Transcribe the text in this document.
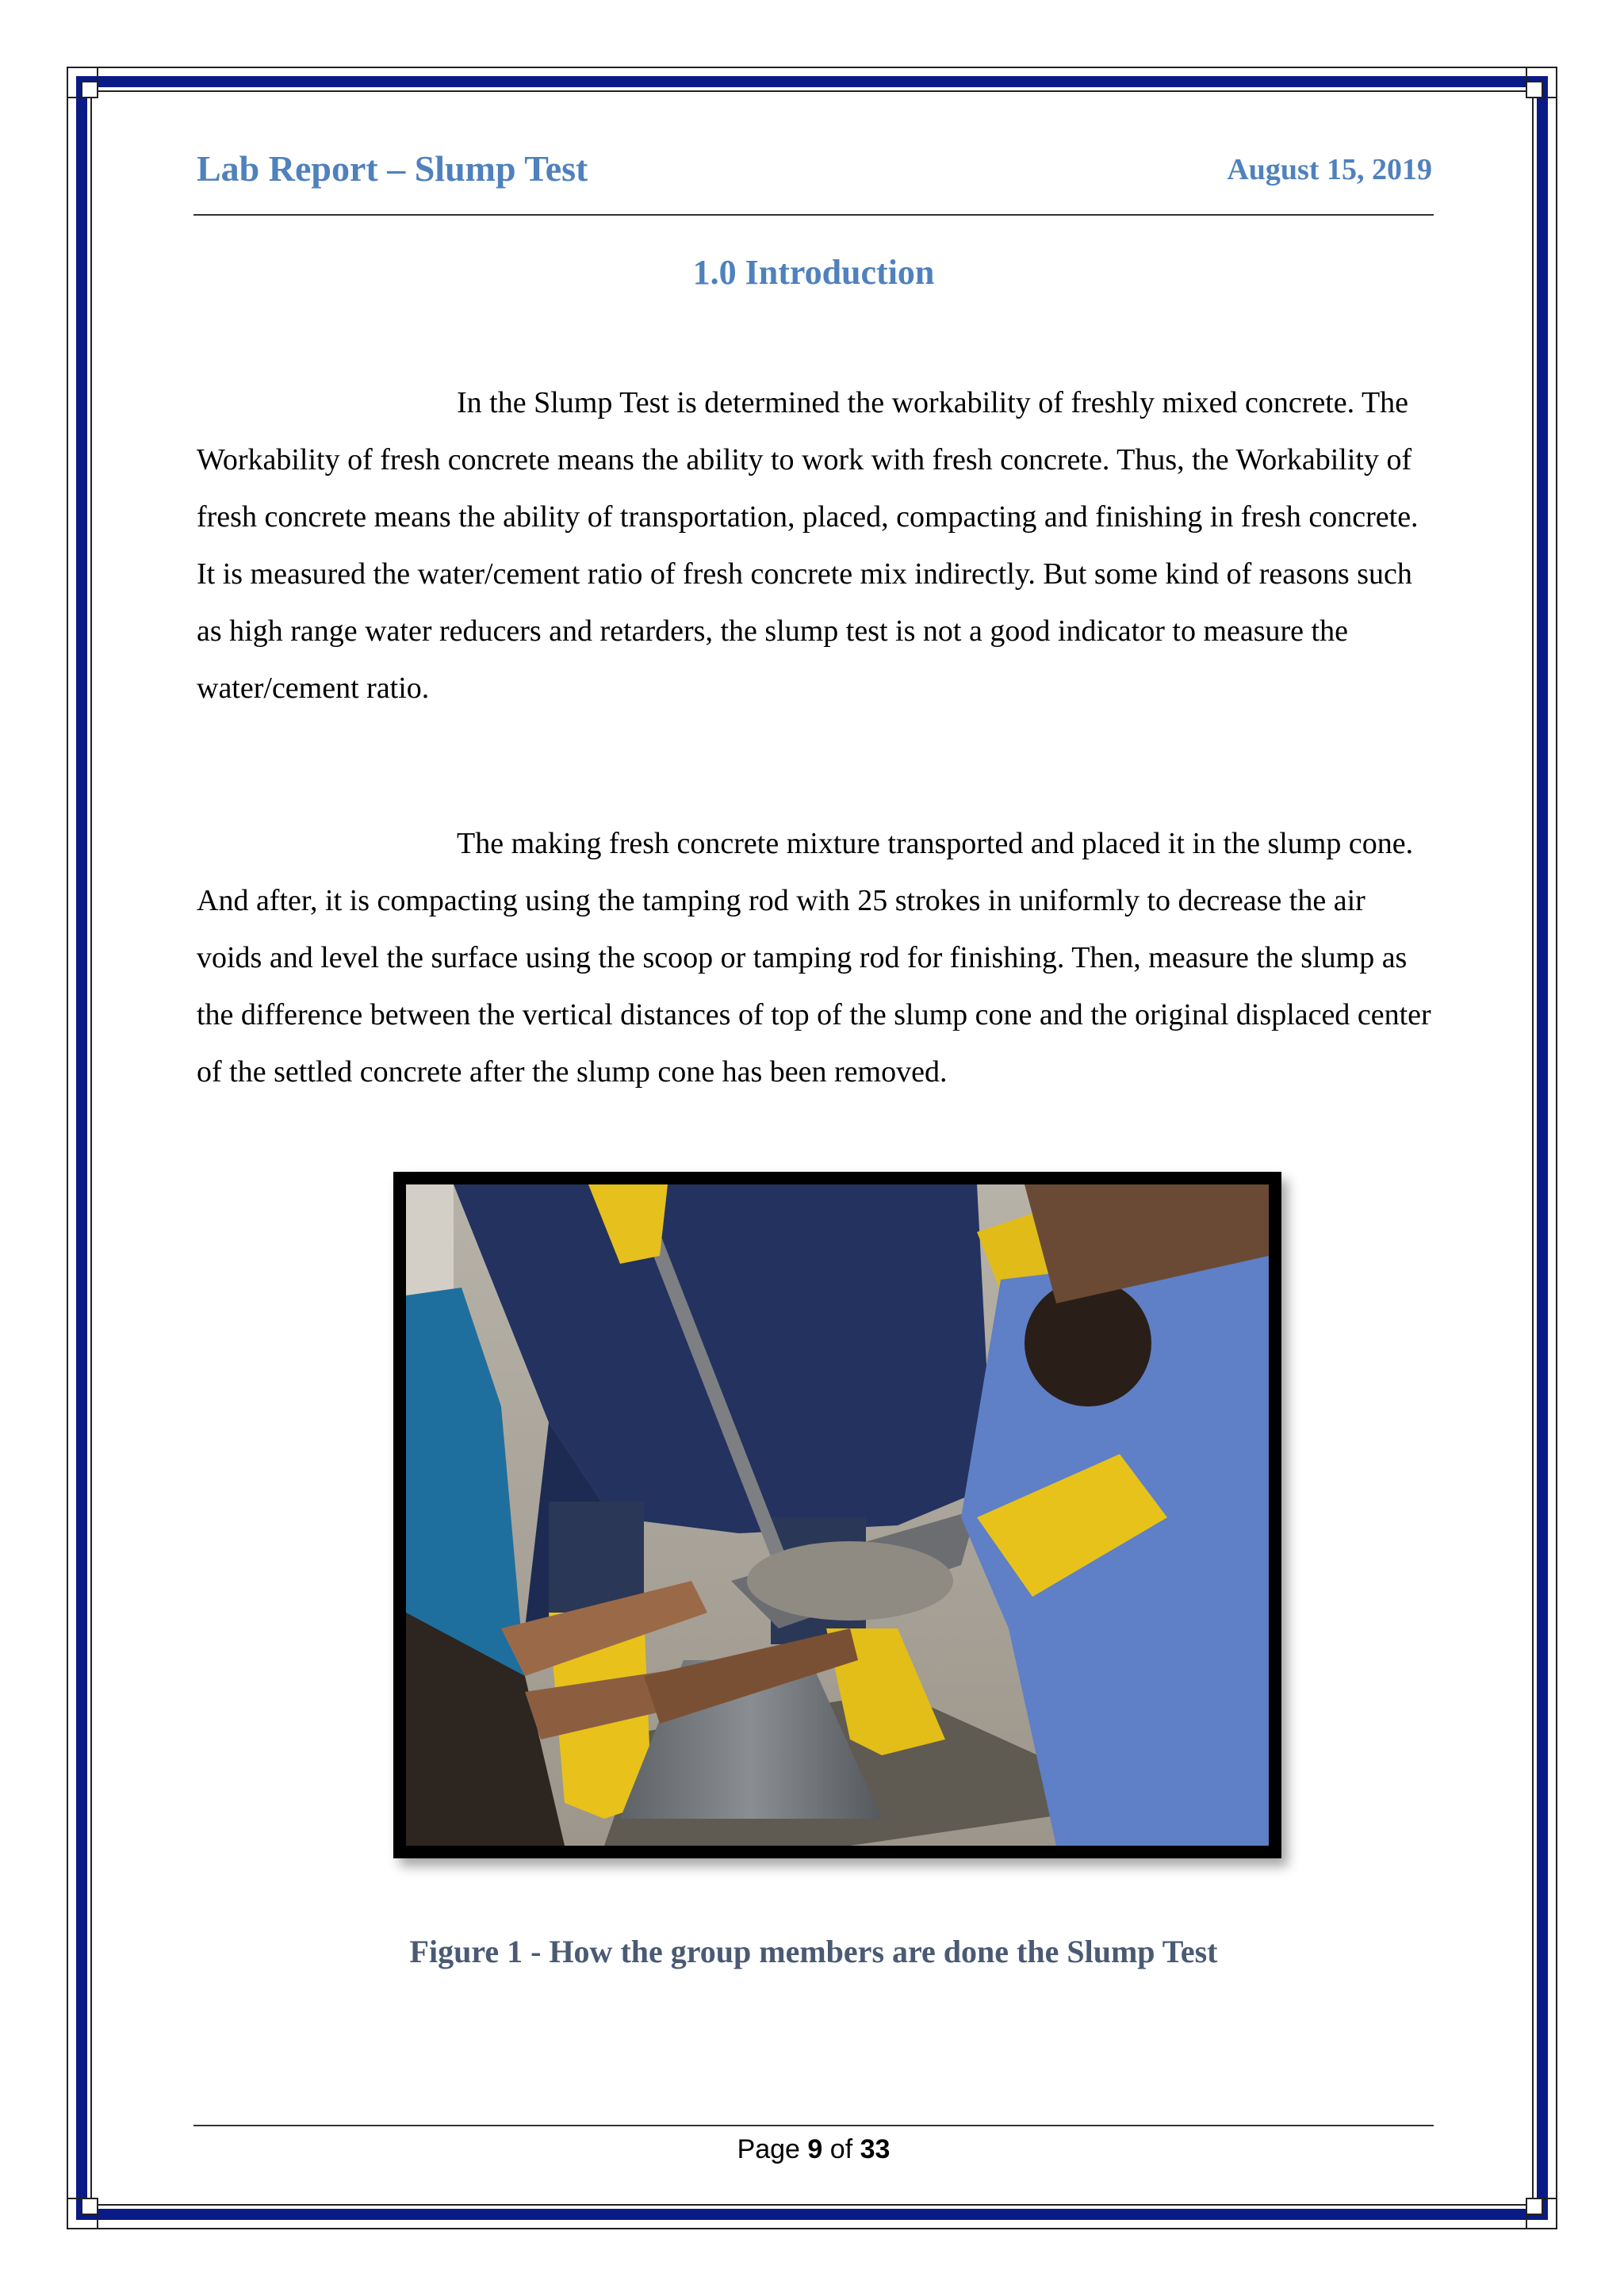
Lab Report – Slump Test	August 15, 2019
1.0 Introduction

In the Slump Test is determined the workability of freshly mixed concrete. The Workability of fresh concrete means the ability to work with fresh concrete. Thus, the Workability of fresh concrete means the ability of transportation, placed, compacting and finishing in fresh concrete. It is measured the water/cement ratio of fresh concrete mix indirectly. But some kind of reasons such as high range water reducers and retarders, the slump test is not a good indicator to measure the water/cement ratio.

The making fresh concrete mixture transported and placed it in the slump cone. And after, it is compacting using the tamping rod with 25 strokes in uniformly to decrease the air voids and level the surface using the scoop or tamping rod for finishing. Then, measure the slump as the difference between the vertical distances of top of the slump cone and the original displaced center of the settled concrete after the slump cone has been removed.

Figure 1 - How the group members are done the Slump Test
Page 9 of 33
